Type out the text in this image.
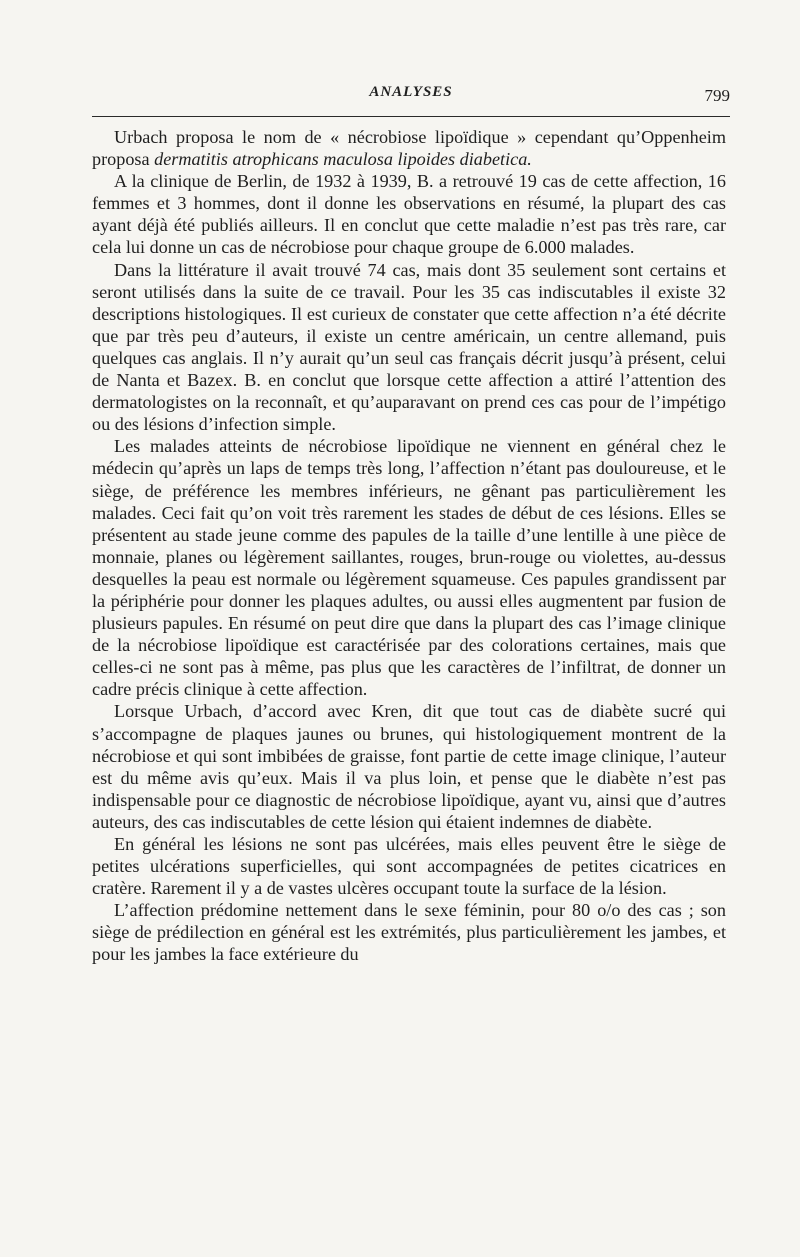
ANALYSES	799

Urbach proposa le nom de « nécrobiose lipoïdique » cependant qu’Oppenheim proposa dermatitis atrophicans maculosa lipoides diabetica.

A la clinique de Berlin, de 1932 à 1939, B. a retrouvé 19 cas de cette affection, 16 femmes et 3 hommes, dont il donne les observations en résumé, la plupart des cas ayant déjà été publiés ailleurs. Il en conclut que cette maladie n’est pas très rare, car cela lui donne un cas de nécrobiose pour chaque groupe de 6.000 malades.

Dans la littérature il avait trouvé 74 cas, mais dont 35 seulement sont certains et seront utilisés dans la suite de ce travail. Pour les 35 cas indiscutables il existe 32 descriptions histologiques. Il est curieux de constater que cette affection n’a été décrite que par très peu d’auteurs, il existe un centre américain, un centre allemand, puis quelques cas anglais. Il n’y aurait qu’un seul cas français décrit jusqu’à présent, celui de Nanta et Bazex. B. en conclut que lorsque cette affection a attiré l’attention des dermatologistes on la reconnaît, et qu’auparavant on prend ces cas pour de l’impétigo ou des lésions d’infection simple.

Les malades atteints de nécrobiose lipoïdique ne viennent en général chez le médecin qu’après un laps de temps très long, l’affection n’étant pas douloureuse, et le siège, de préférence les membres inférieurs, ne gênant pas particulièrement les malades. Ceci fait qu’on voit très rarement les stades de début de ces lésions. Elles se présentent au stade jeune comme des papules de la taille d’une lentille à une pièce de monnaie, planes ou légèrement saillantes, rouges, brun-rouge ou violettes, au-dessus desquelles la peau est normale ou légèrement squameuse. Ces papules grandissent par la périphérie pour donner les plaques adultes, ou aussi elles augmentent par fusion de plusieurs papules. En résumé on peut dire que dans la plupart des cas l’image clinique de la nécrobiose lipoïdique est caractérisée par des colorations certaines, mais que celles-ci ne sont pas à même, pas plus que les caractères de l’infiltrat, de donner un cadre précis clinique à cette affection.

Lorsque Urbach, d’accord avec Kren, dit que tout cas de diabète sucré qui s’accompagne de plaques jaunes ou brunes, qui histologiquement montrent de la nécrobiose et qui sont imbibées de graisse, font partie de cette image clinique, l’auteur est du même avis qu’eux. Mais il va plus loin, et pense que le diabète n’est pas indispensable pour ce diagnostic de nécrobiose lipoïdique, ayant vu, ainsi que d’autres auteurs, des cas indiscutables de cette lésion qui étaient indemnes de diabète.

En général les lésions ne sont pas ulcérées, mais elles peuvent être le siège de petites ulcérations superficielles, qui sont accompagnées de petites cicatrices en cratère. Rarement il y a de vastes ulcères occupant toute la surface de la lésion.

L’affection prédomine nettement dans le sexe féminin, pour 80 o/o des cas ; son siège de prédilection en général est les extrémités, plus particulièrement les jambes, et pour les jambes la face extérieure du
